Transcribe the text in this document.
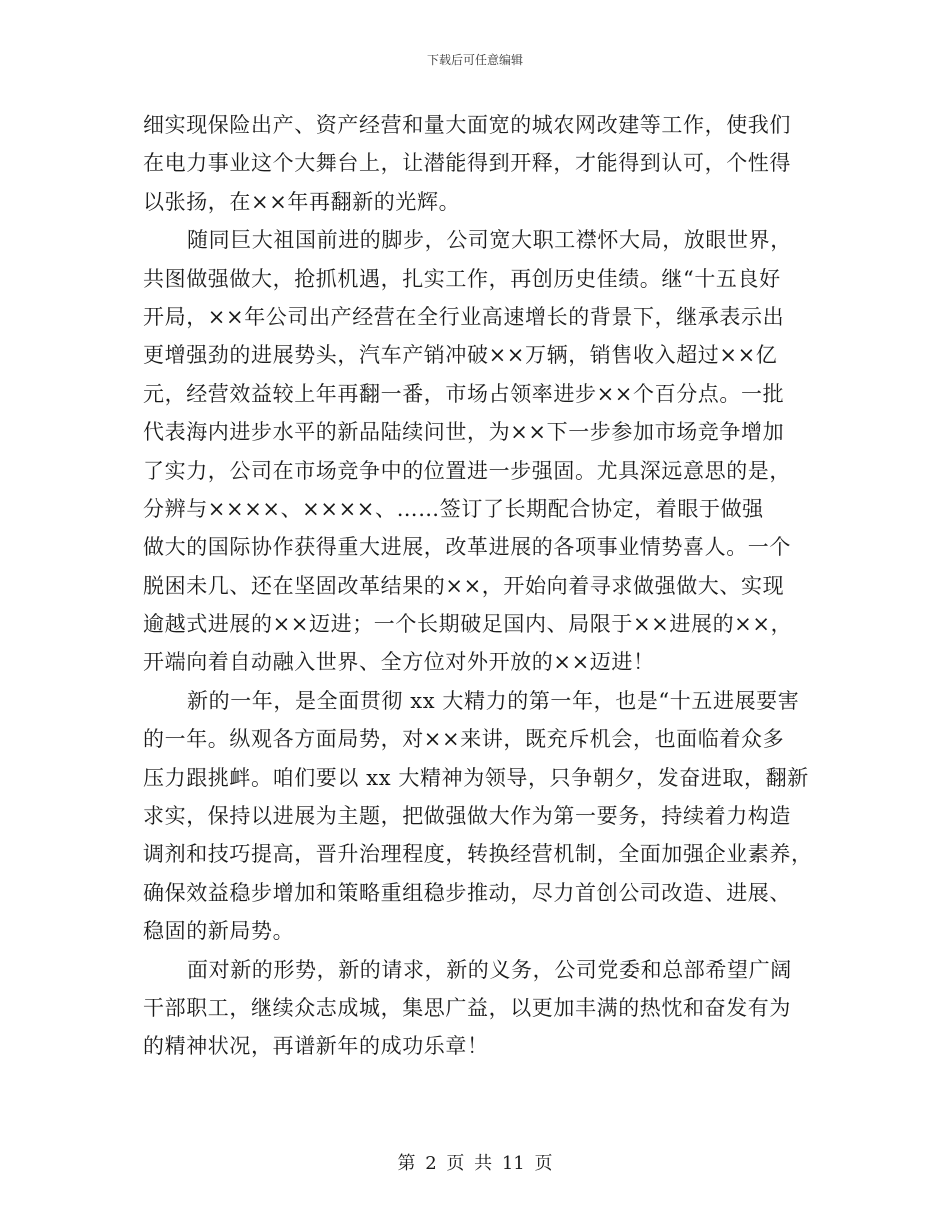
下载后可任意编辑
细实现保险出产、资产经营和量大面宽的城农网改建等工作，使我们
在电力事业这个大舞台上，让潜能得到开释，才能得到认可，个性得
以张扬，在××年再翻新的光辉。
随同巨大祖国前进的脚步，公司宽大职工襟怀大局，放眼世界，
共图做强做大，抢抓机遇，扎实工作，再创历史佳绩。继“十五良好
开局，××年公司出产经营在全行业高速增长的背景下，继承表示出
更增强劲的进展势头，汽车产销冲破××万辆，销售收入超过××亿
元，经营效益较上年再翻一番，市场占领率进步××个百分点。一批
代表海内进步水平的新品陆续问世，为××下一步参加市场竞争增加
了实力，公司在市场竞争中的位置进一步强固。尤具深远意思的是，
分辨与××××、××××、……签订了长期配合协定，着眼于做强
做大的国际协作获得重大进展，改革进展的各项事业情势喜人。一个
脱困未几、还在坚固改革结果的××，开始向着寻求做强做大、实现
逾越式进展的××迈进；一个长期破足国内、局限于××进展的××，
开端向着自动融入世界、全方位对外开放的××迈进！
新的一年，是全面贯彻 xx 大精力的第一年，也是“十五进展要害
的一年。纵观各方面局势，对××来讲，既充斥机会，也面临着众多
压力跟挑衅。咱们要以 xx 大精神为领导，只争朝夕，发奋进取，翻新
求实，保持以进展为主题，把做强做大作为第一要务，持续着力构造
调剂和技巧提高，晋升治理程度，转换经营机制，全面加强企业素养，
确保效益稳步增加和策略重组稳步推动，尽力首创公司改造、进展、
稳固的新局势。
面对新的形势，新的请求，新的义务，公司党委和总部希望广阔
干部职工，继续众志成城，集思广益，以更加丰满的热忱和奋发有为
的精神状况，再谱新年的成功乐章！
第 2 页 共 11 页
